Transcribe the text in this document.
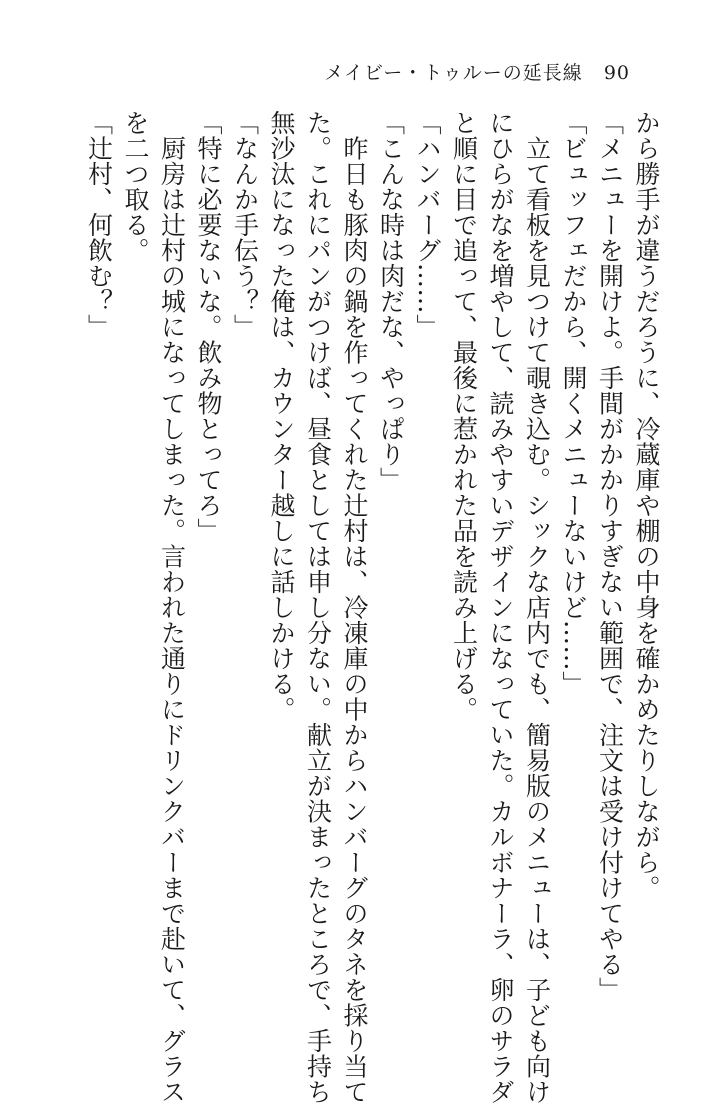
メイビー・トゥルーの延長線 90

から勝手が違うだろうに、冷蔵庫や棚の中身を確かめたりしながら。

「メニューを開けよ。手間がかかりすぎない範囲で、注文は受け付けてやる」

「ビュッフェだから、開くメニューないけど……」

　立て看板を見つけて覗き込む。シックな店内でも、簡易版のメニューは、子ども向け

にひらがなを増やして、読みやすいデザインになっていた。カルボナーラ、卵のサラダ

と順に目で追って、最後に惹かれた品を読み上げる。

「ハンバーグ……」

「こんな時は肉だな、やっぱり」

　昨日も豚肉の鍋を作ってくれた辻村は、冷凍庫の中からハンバーグのタネを採り当て

た。これにパンがつけば、昼食としては申し分ない。献立が決まったところで、手持ち

無沙汰になった俺は、カウンター越しに話しかける。

「なんか手伝う？」

「特に必要ないな。飲み物とってろ」

　厨房は辻村の城になってしまった。言われた通りにドリンクバーまで赴いて、グラス

を二つ取る。

「辻村、何飲む？」
